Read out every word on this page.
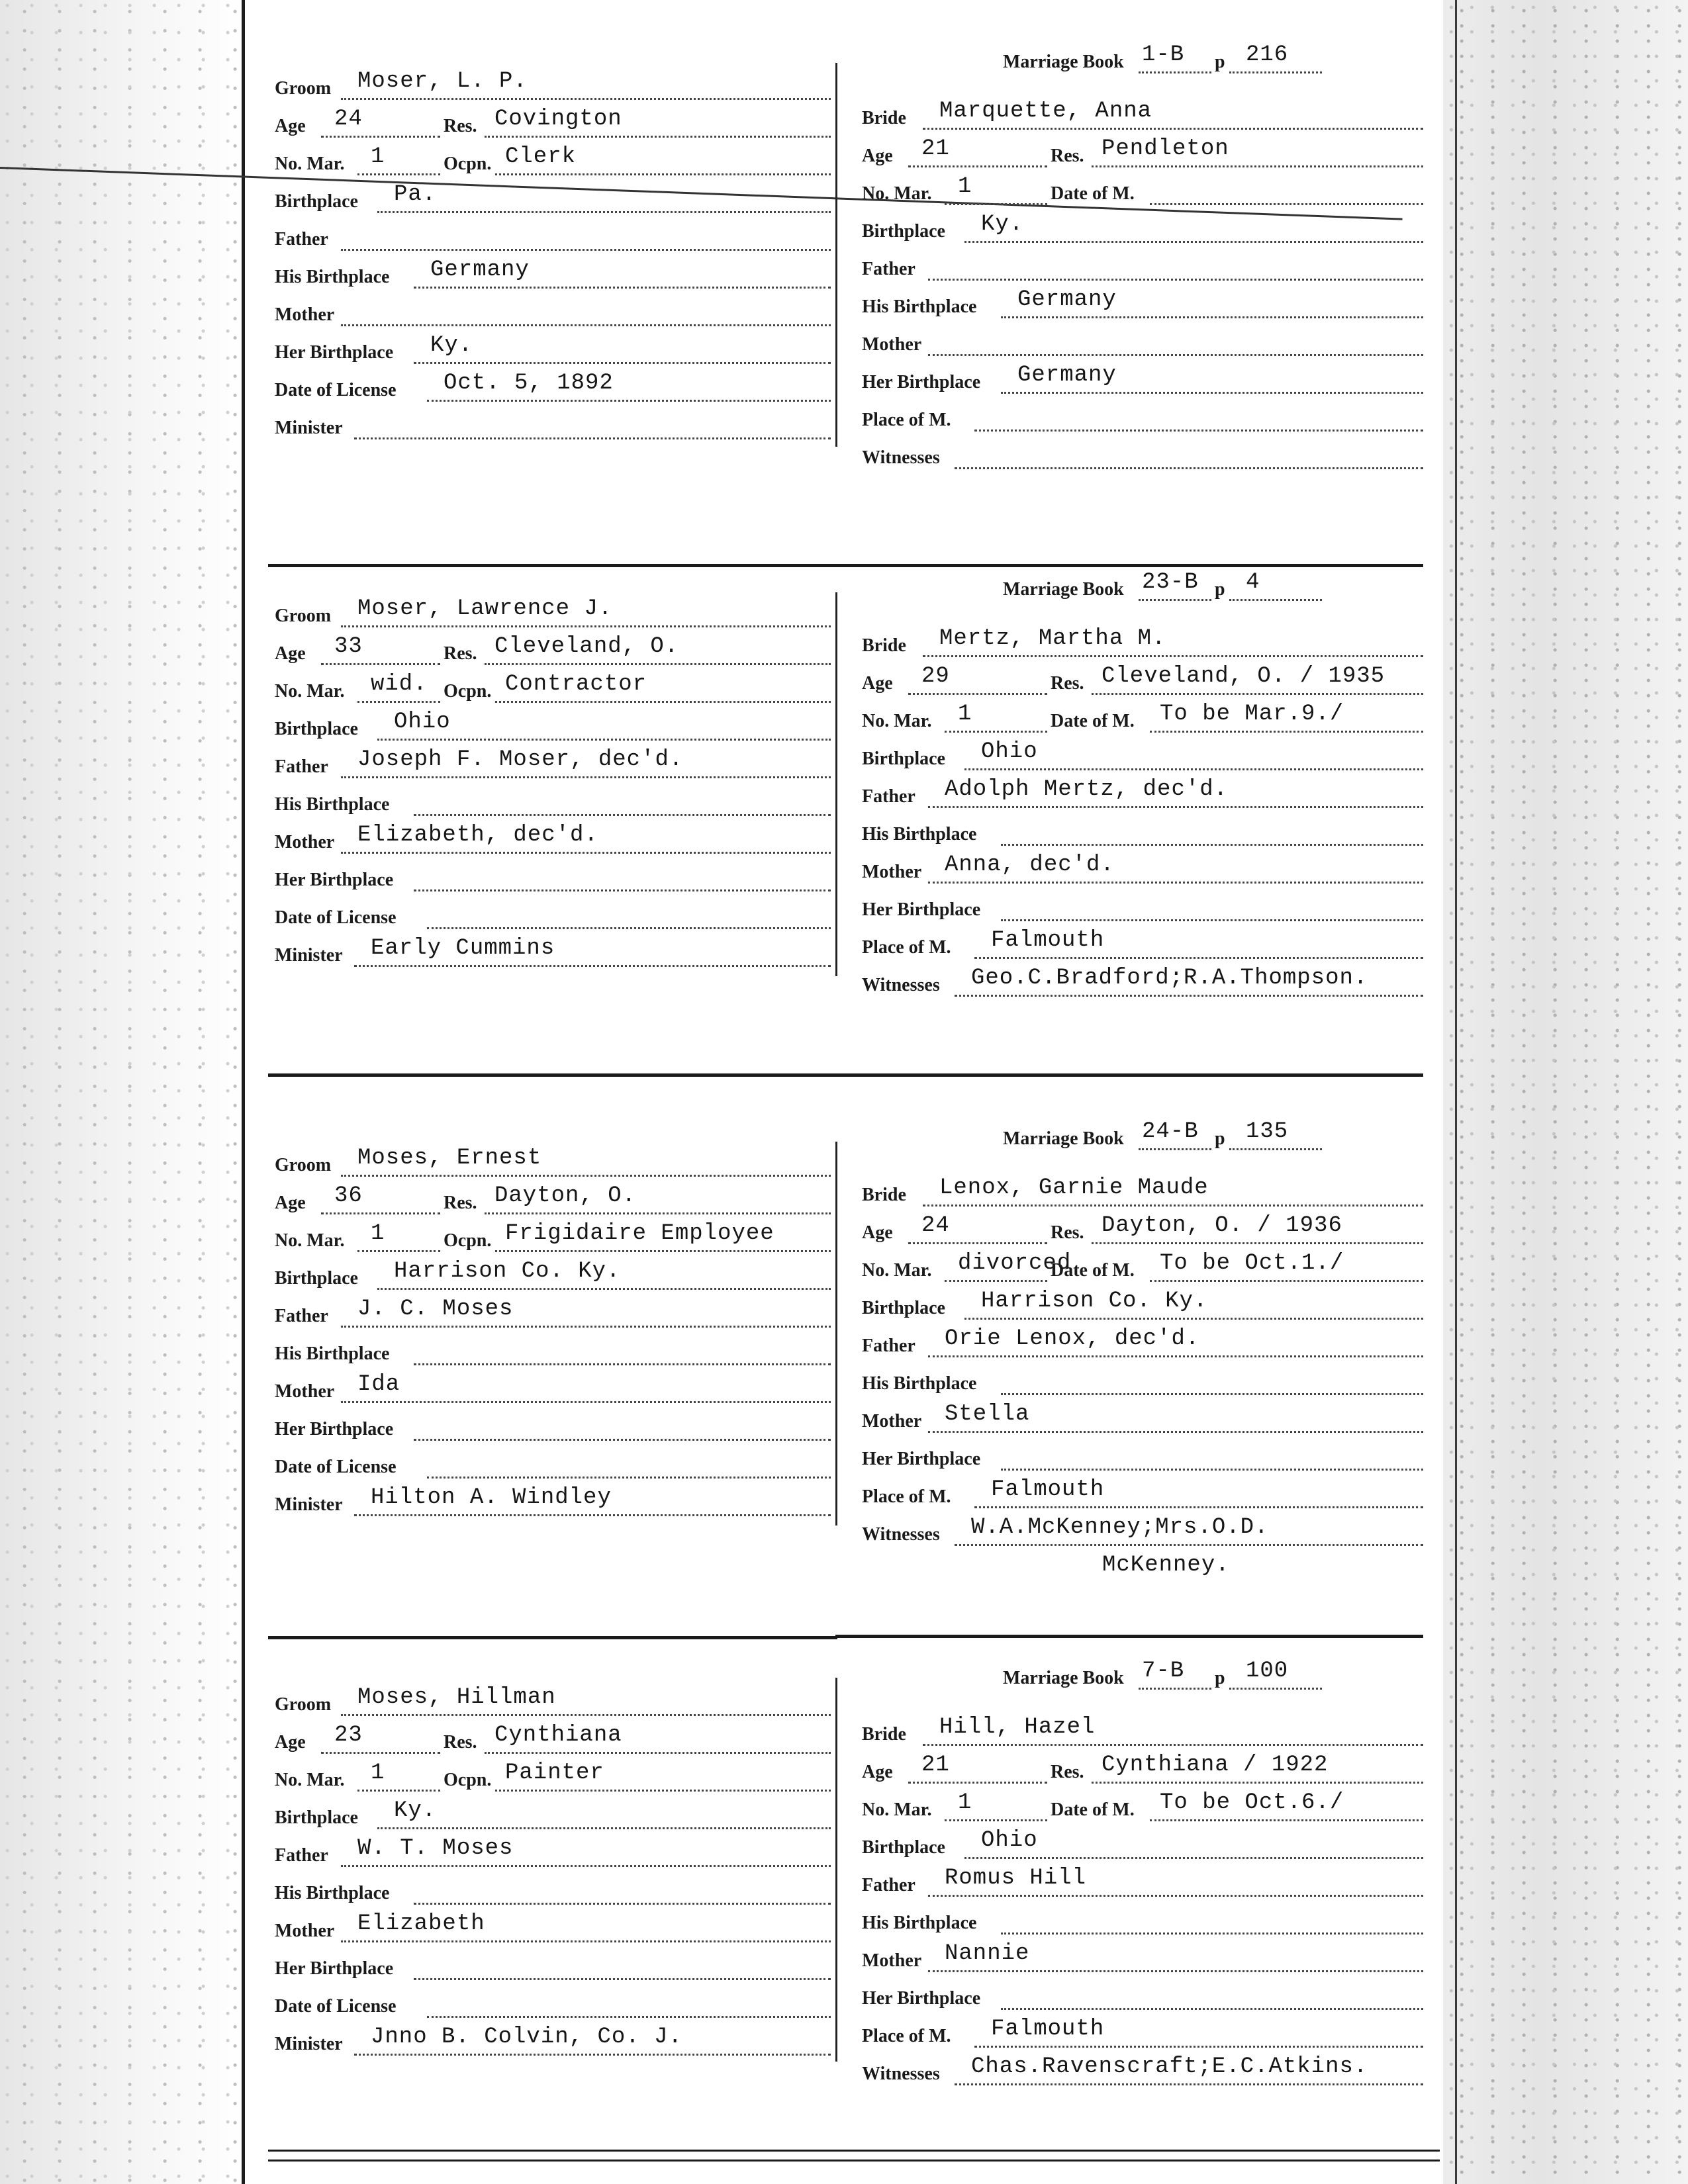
Groom Moser, L. P.
Age 24	Res. Covington
No. Mar. 1	Ocpn. Clerk
Birthplace Pa.
Father
His Birthplace Germany
Mother
Her Birthplace Ky.
Date of License Oct. 5, 1892
Minister
Marriage Book 1-B p 216
Bride Marquette, Anna
Age 21	Res. Pendleton
No. Mar. 1	Date of M.
Birthplace Ky.
Father
His Birthplace Germany
Mother
Her Birthplace Germany
Place of M.
Witnesses
Groom Moser, Lawrence J.
Age 33	Res. Cleveland, O.
No. Mar. wid. Ocpn. Contractor
Birthplace Ohio
Father Joseph F. Moser, dec'd.
His Birthplace
Mother Elizabeth, dec'd.
Her Birthplace
Date of License
Minister Early Cummins
Marriage Book 23-B p 4
Bride Mertz, Martha M.
Age 29	Res. Cleveland, O. / 1935
No. Mar. 1	Date of M. To be Mar.9./
Birthplace Ohio
Father Adolph Mertz, dec'd.
His Birthplace
Mother Anna, dec'd.
Her Birthplace
Place of M. Falmouth
Witnesses Geo.C.Bradford;R.A.Thompson.
Groom Moses, Ernest
Age 36	Res. Dayton, O.
No. Mar. 1	Ocpn. Frigidaire Employee
Birthplace Harrison Co. Ky.
Father J. C. Moses
His Birthplace
Mother Ida
Her Birthplace
Date of License
Minister Hilton A. Windley
Marriage Book 24-B p 135
Bride Lenox, Garnie Maude
Age 24	Res. Dayton, O. / 1936
No. Mar. divorced
Date of M. To be Oct.1./
Birthplace Harrison Co. Ky.
Father Orie Lenox, dec'd.
His Birthplace
Mother Stella
Her Birthplace
Place of M. Falmouth
Witnesses W.A.McKenney;Mrs.O.D.
McKenney.
Groom Moses, Hillman
Age 23	Res. Cynthiana
No. Mar. 1	Ocpn. Painter
Birthplace Ky.
Father W. T. Moses
His Birthplace
Mother Elizabeth
Her Birthplace
Date of License
Minister Jnno B. Colvin, Co. J.
Marriage Book 7-B p 100
Bride Hill, Hazel
Age 21	Res. Cynthiana / 1922
No. Mar. 1	Date of M. To be Oct.6./
Birthplace Ohio
Father Romus Hill
His Birthplace
Mother Nannie
Her Birthplace
Place of M. Falmouth
Witnesses Chas.Ravenscraft;E.C.Atkins.
